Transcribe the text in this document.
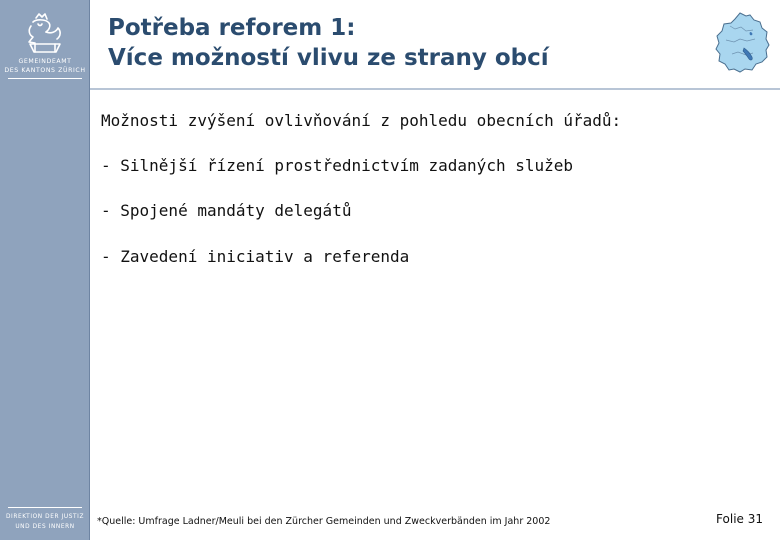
GEMEINDEAMT
DES KANTONS ZÜRICH
DIREKTION DER JUSTIZ
UND DES INNERN
Potřeba reforem 1:
Více možností vlivu ze strany obcí
Možnosti zvýšení ovlivňování z pohledu obecních úřadů:
- Silnější řízení prostřednictvím zadaných služeb
- Spojené mandáty delegátů
- Zavedení iniciativ a referenda
*Quelle: Umfrage Ladner/Meuli bei den Zürcher Gemeinden und Zweckverbänden im Jahr 2002	Folie 31
